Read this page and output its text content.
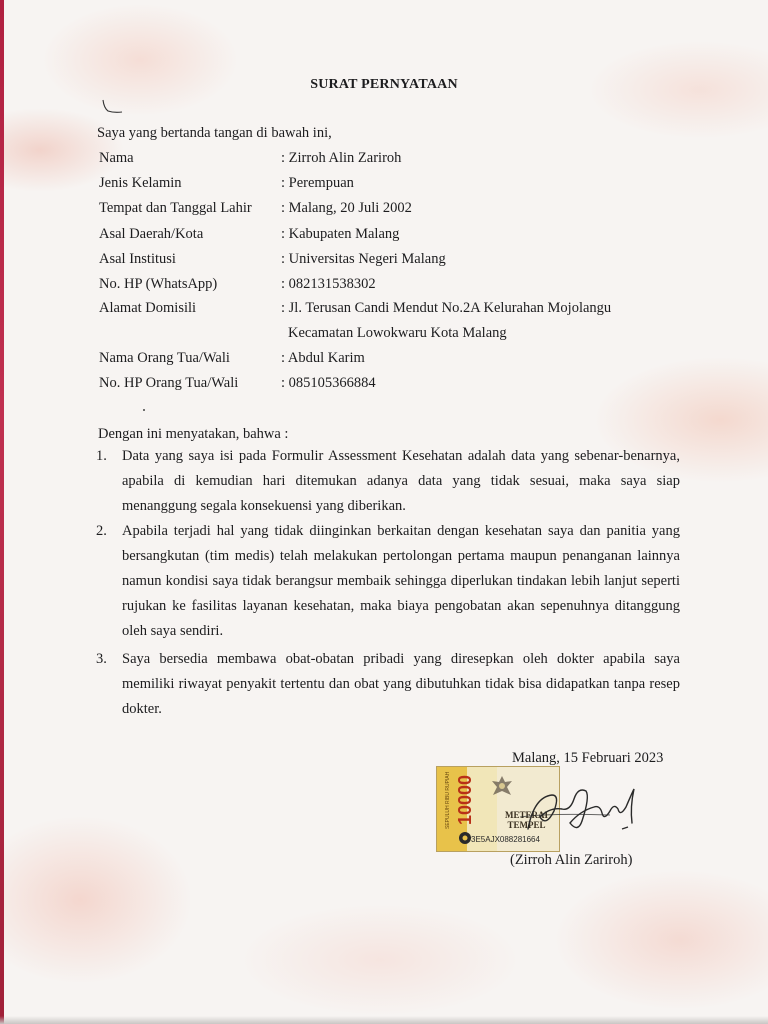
SURAT PERNYATAAN
Saya yang bertanda tangan di bawah ini,
Nama	: Zirroh Alin Zariroh
Jenis Kelamin	: Perempuan
Tempat dan Tanggal Lahir : Malang, 20 Juli 2002
Asal Daerah/Kota	: Kabupaten Malang
Asal Institusi	: Universitas Negeri Malang
No. HP (WhatsApp)	: 082131538302
Alamat Domisili	: Jl. Terusan Candi Mendut No.2A Kelurahan Mojolangu
Kecamatan Lowokwaru Kota Malang
Nama Orang Tua/Wali	: Abdul Karim
No. HP Orang Tua/Wali	: 085105366884
Dengan ini menyatakan, bahwa :
1. Data yang saya isi pada Formulir Assessment Kesehatan adalah data yang sebenar-benarnya, apabila di kemudian hari ditemukan adanya data yang tidak sesuai, maka saya siap menanggung segala konsekuensi yang diberikan.
2. Apabila terjadi hal yang tidak diinginkan berkaitan dengan kesehatan saya dan panitia yang bersangkutan (tim medis) telah melakukan pertolongan pertama maupun penanganan lainnya namun kondisi saya tidak berangsur membaik sehingga diperlukan tindakan lebih lanjut seperti rujukan ke fasilitas layanan kesehatan, maka biaya pengobatan akan sepenuhnya ditanggung oleh saya sendiri.
3. Saya bersedia membawa obat-obatan pribadi yang diresepkan oleh dokter apabila saya memiliki riwayat penyakit tertentu dan obat yang dibutuhkan tidak bisa didapatkan tanpa resep dokter.
Malang, 15 Februari 2023
SEPULUH RIBU RUPIAH 10000	METERAI
TEMPEL
3E5AJX088281664
(Zirroh Alin Zariroh)
